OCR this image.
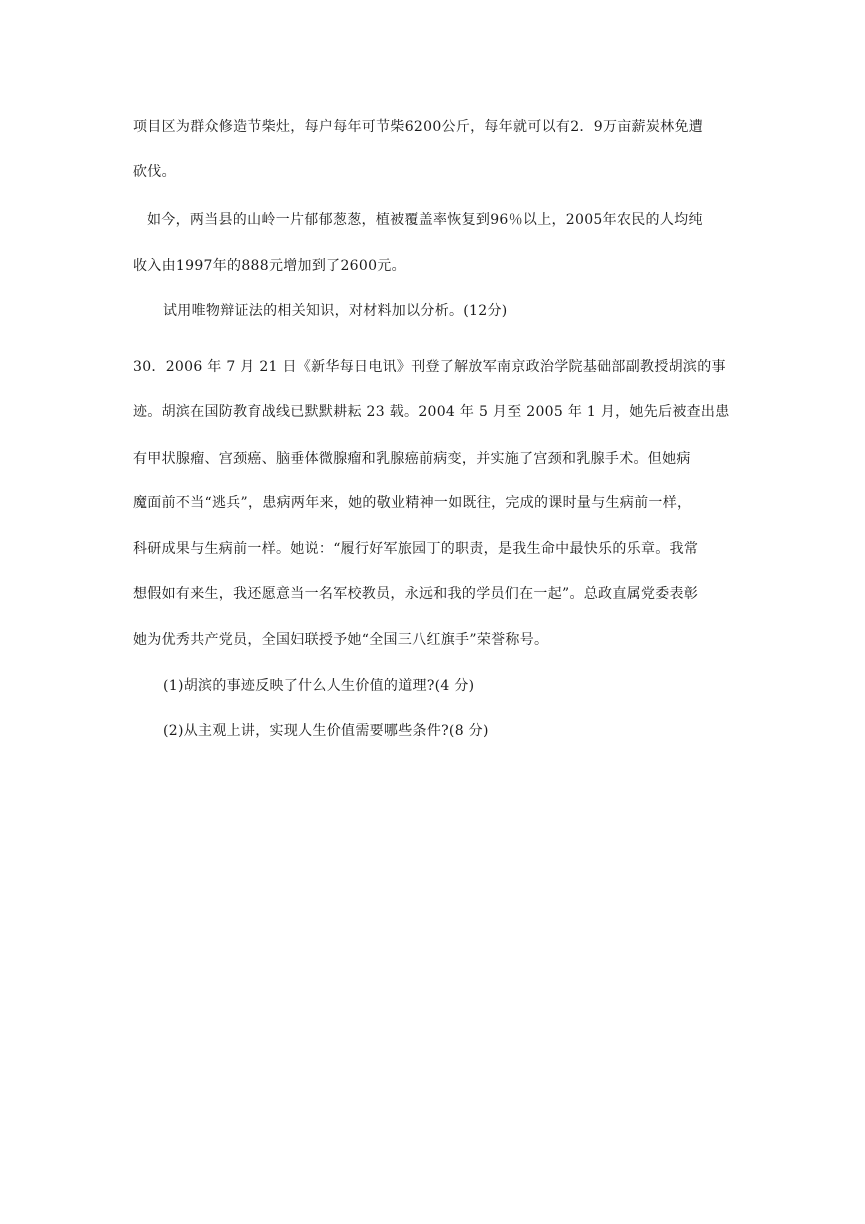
项目区为群众修造节柴灶，每户每年可节柴6200公斤，每年就可以有2．9万亩薪炭林免遭
砍伐。
如今，两当县的山岭一片郁郁葱葱，植被覆盖率恢复到96％以上，2005年农民的人均纯
收入由1997年的888元增加到了2600元。
试用唯物辩证法的相关知识，对材料加以分析。(12分)
30．2006 年 7 月 21 日《新华每日电讯》刊登了解放军南京政治学院基础部副教授胡滨的事
迹。胡滨在国防教育战线已默默耕耘 23 载。2004 年 5 月至 2005 年 1 月，她先后被查出患
有甲状腺瘤、宫颈癌、脑垂体微腺瘤和乳腺癌前病变，并实施了宫颈和乳腺手术。但她病
魔面前不当“逃兵”，患病两年来，她的敬业精神一如既往，完成的课时量与生病前一样，
科研成果与生病前一样。她说：“履行好军旅园丁的职责，是我生命中最快乐的乐章。我常
想假如有来生，我还愿意当一名军校教员，永远和我的学员们在一起”。总政直属党委表彰
她为优秀共产党员，全国妇联授予她“全国三八红旗手”荣誉称号。
(1)胡滨的事迹反映了什么人生价值的道理?(4 分)
(2)从主观上讲，实现人生价值需要哪些条件?(8 分)
